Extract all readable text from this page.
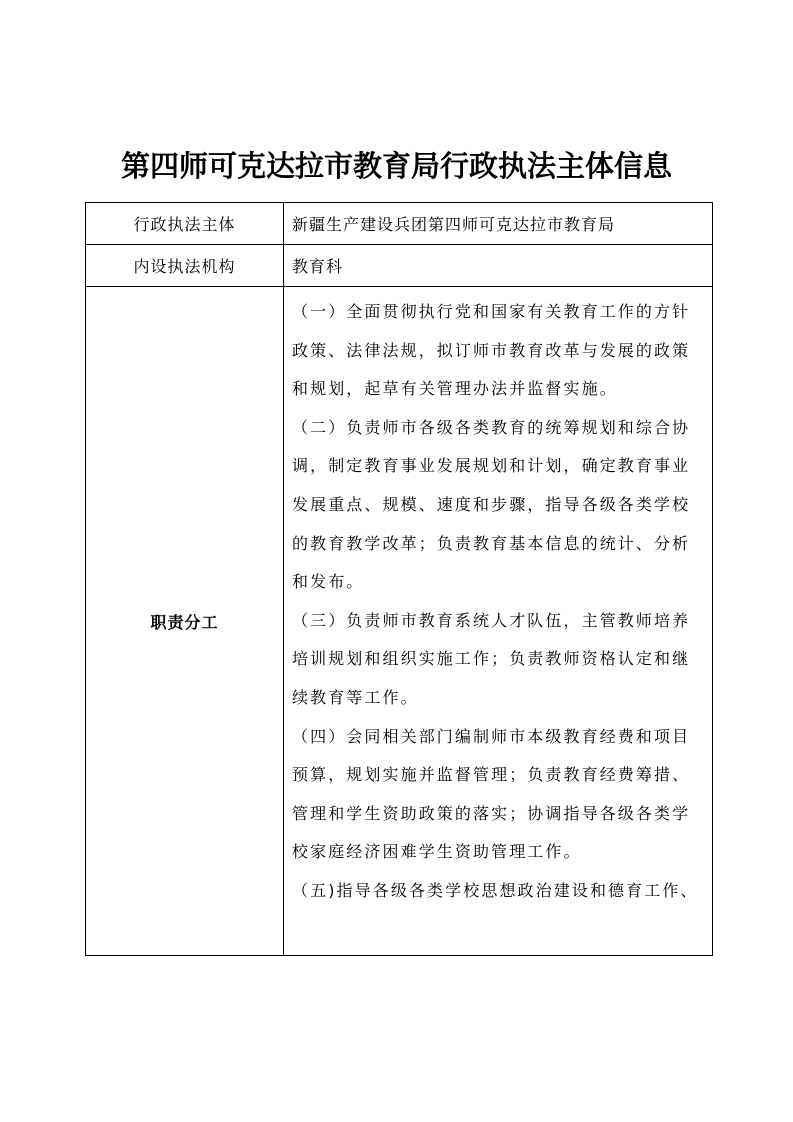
第四师可克达拉市教育局行政执法主体信息
行政执法主体	新疆生产建设兵团第四师可克达拉市教育局
内设执法机构	教育科
职责分工	（一）全面贯彻执行党和国家有关教育工作的方针政策、法律法规，拟订师市教育改革与发展的政策和规划，起草有关管理办法并监督实施。

（二）负责师市各级各类教育的统筹规划和综合协调，制定教育事业发展规划和计划，确定教育事业发展重点、规模、速度和步骤，指导各级各类学校的教育教学改革；负责教育基本信息的统计、分析和发布。

（三）负责师市教育系统人才队伍，主管教师培养培训规划和组织实施工作；负责教师资格认定和继续教育等工作。

（四）会同相关部门编制师市本级教育经费和项目预算，规划实施并监督管理；负责教育经费筹措、管理和学生资助政策的落实；协调指导各级各类学校家庭经济困难学生资助管理工作。

（五)指导各级各类学校思想政治建设和德育工作、
